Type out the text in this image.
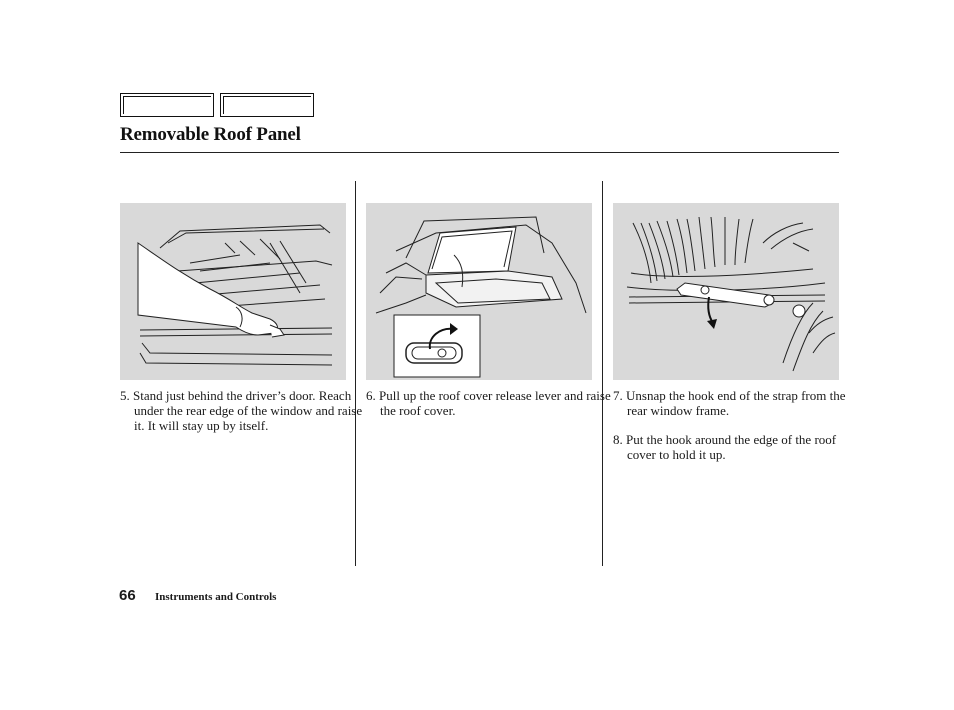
Removable Roof Panel

5. Stand just behind the driver’s door. Reach under the rear edge of the window and raise it. It will stay up by itself.

6. Pull up the roof cover release lever and raise the roof cover.

7. Unsnap the hook end of the strap from the rear window frame.

8. Put the hook around the edge of the roof cover to hold it up.

66 Instruments and Controls
